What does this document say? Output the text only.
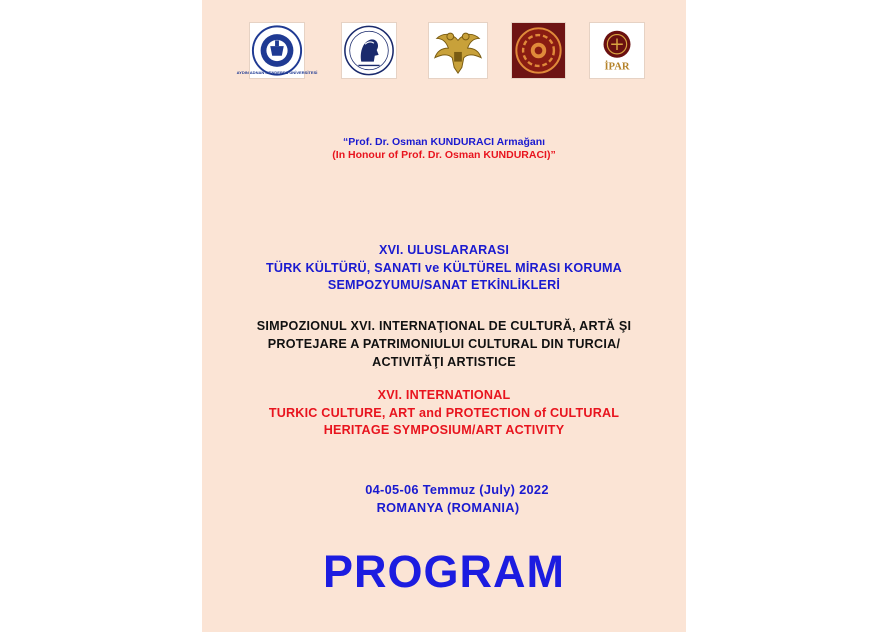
AYDIN ADNAN MENDERES ÜNİVERSİTESİ
İPAR
“Prof. Dr. Osman KUNDURACI Armağanı
(In Honour of Prof. Dr. Osman KUNDURACI)”
XVI. ULUSLARARASI
TÜRK KÜLTÜRÜ, SANATI ve KÜLTÜREL MİRASI KORUMA
SEMPOZYUMU/SANAT ETKİNLİKLERİ
SIMPOZIONUL XVI. INTERNAŢIONAL DE CULTURĂ, ARTĂ ŞI
PROTEJARE A PATRIMONIULUI CULTURAL DIN TURCIA/
ACTIVITĂŢI ARTISTICE
XVI. INTERNATIONAL
TURKIC CULTURE, ART and PROTECTION of CULTURAL
HERITAGE SYMPOSIUM/ART ACTIVITY
04-05-06 Temmuz (July) 2022
ROMANYA (ROMANIA)
PROGRAM
